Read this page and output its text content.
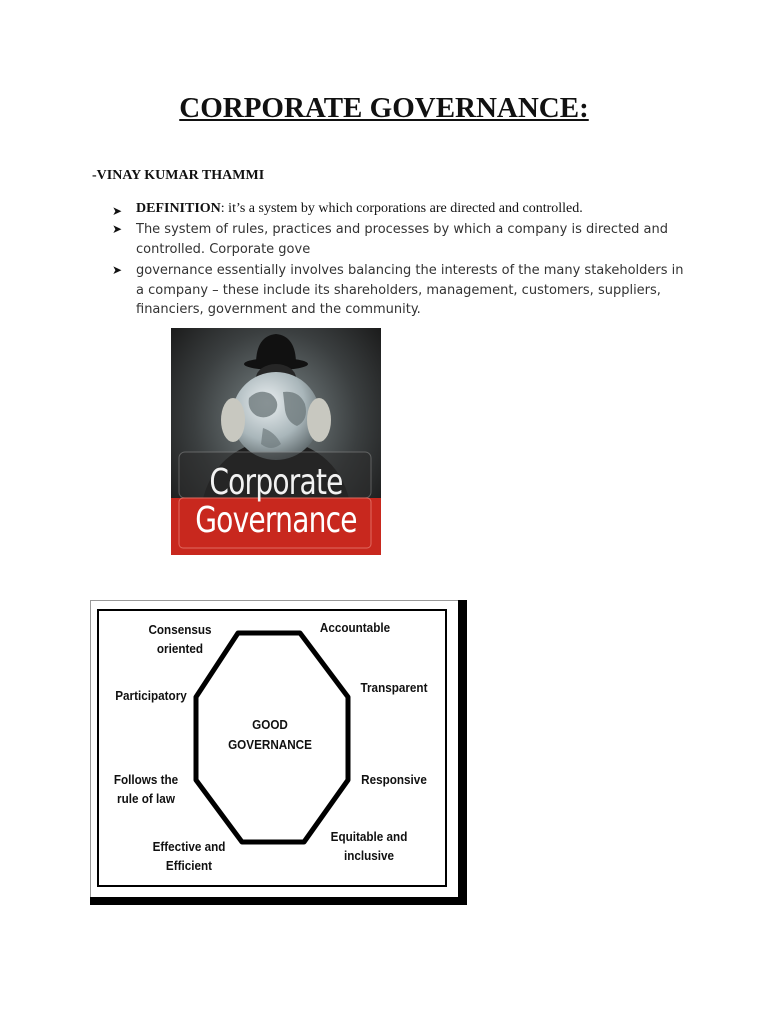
CORPORATE GOVERNANCE:
-VINAY KUMAR THAMMI
➤ DEFINITION: it’s a system by which corporations are directed and controlled.
➤ The system of rules, practices and processes by which a company is directed and controlled. Corporate gove
➤ governance essentially involves balancing the interests of the many stakeholders in a company – these include its shareholders, management, customers, suppliers, financiers, government and the community.
Corporate
Governance
GOOD
GOVERNANCE
Consensus
oriented
Accountable
Participatory
Transparent
Follows the
rule of law
Responsive
Effective and
Efficient
Equitable and
inclusive
